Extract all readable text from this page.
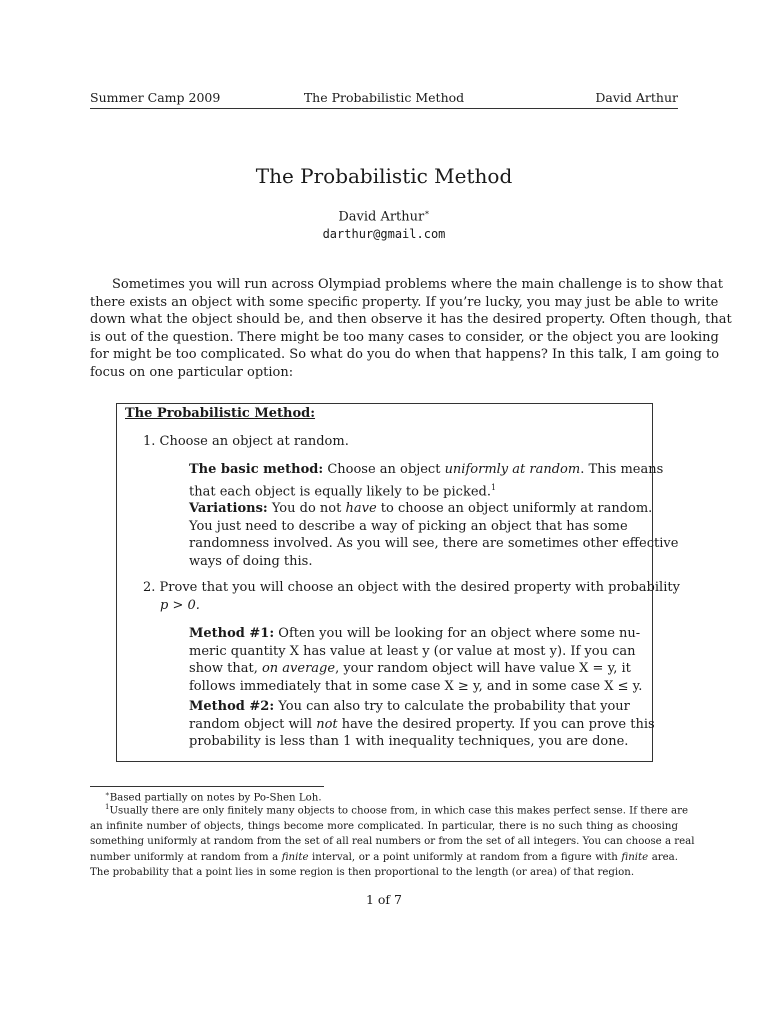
Summer Camp 2009	The Probabilistic Method	David Arthur
The Probabilistic Method
David Arthur∗
darthur@gmail.com
Sometimes you will run across Olympiad problems where the main challenge is to show that
there exists an object with some specific property. If you’re lucky, you may just be able to write
down what the object should be, and then observe it has the desired property. Often though, that
is out of the question. There might be too many cases to consider, or the object you are looking
for might be too complicated. So what do you do when that happens? In this talk, I am going to
focus on one particular option:
The Probabilistic Method:
1. Choose an object at random.
The basic method: Choose an object uniformly at random. This means
that each object is equally likely to be picked.$^1$
Variations: You do not have to choose an object uniformly at random.
You just need to describe a way of picking an object that has some
randomness involved. As you will see, there are sometimes other effective
ways of doing this.
2. Prove that you will choose an object with the desired property with probability
p > 0.
Method #1: Often you will be looking for an object where some nu-
meric quantity X has value at least y (or value at most y). If you can
show that, on average, your random object will have value X = y, it
follows immediately that in some case X ≥ y, and in some case X ≤ y.
Method #2: You can also try to calculate the probability that your
random object will not have the desired property. If you can prove this
probability is less than 1 with inequality techniques, you are done.
∗Based partially on notes by Po-Shen Loh.
$^1$Usually there are only finitely many objects to choose from, in which case this makes perfect sense. If there are
an infinite number of objects, things become more complicated. In particular, there is no such thing as choosing
something uniformly at random from the set of all real numbers or from the set of all integers. You can choose a real
number uniformly at random from a finite interval, or a point uniformly at random from a figure with finite area.
The probability that a point lies in some region is then proportional to the length (or area) of that region.
1 of 7
